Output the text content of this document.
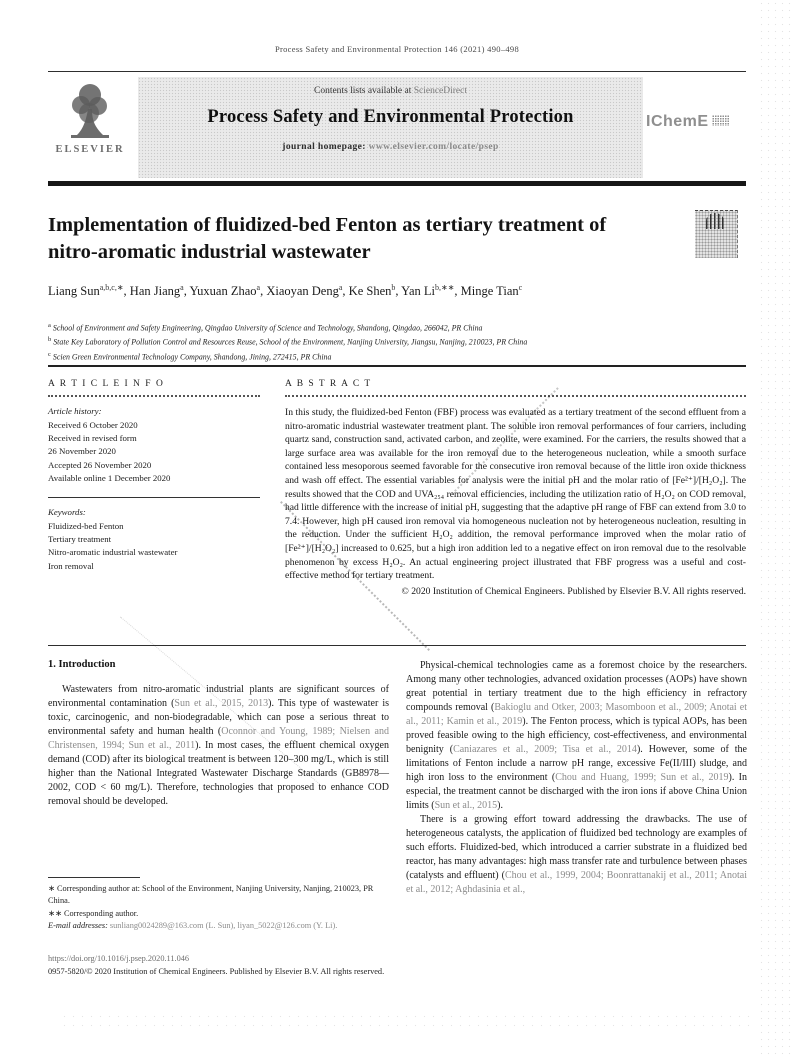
Process Safety and Environmental Protection 146 (2021) 490–498
ELSEVIER
Contents lists available at ScienceDirect
Process Safety and Environmental Protection
journal homepage: www.elsevier.com/locate/psep
IChemE
Implementation of fluidized-bed Fenton as tertiary treatment of nitro-aromatic industrial wastewater
Liang Sun$^{a,b,c,∗}$, Han Jiang$^a$, Yuxuan Zhao$^a$, Xiaoyan Deng$^a$, Ke Shen$^b$, Yan $Li^{b,∗∗}$, Minge Tian$^c$
$^a$ School of Environment and Safety Engineering, Qingdao University of Science and Technology, Shandong, Qingdao, 266042, PR China
$^b$ State Key Laboratory of Pollution Control and Resources Reuse, School of the Environment, Nanjing University, Jiangsu, Nanjing, 210023, PR China
$^c$ Scien Green Environmental Technology Company, Shandong, Jining, 272415, PR China
A R T I C L E I N F O
Article history:
Received 6 October 2020
Received in revised form
26 November 2020
Accepted 26 November 2020
Available online 1 December 2020
Keywords:
Fluidized-bed Fenton
Tertiary treatment
Nitro-aromatic industrial wastewater
Iron removal
A B S T R A C T
In this study, the fluidized-bed Fenton (FBF) process was evaluated as a tertiary treatment of the second effluent from a nitro-aromatic industrial wastewater treatment plant. The soluble iron removal performances of four carriers, including quartz sand, construction sand, activated carbon, and zeolite, were examined. For the carriers, the results showed that a large surface area was available for the iron removal due to the heterogeneous nucleation, while a smooth surface contained less mesoporous seemed favorable for the consecutive iron removal because of the little iron oxide thickness and wash off effect. The essential variables for analysis were the initial pH and the molar ratio of [Fe²⁺]/[H₂O₂]. The results showed that the COD and UVA₂₅₄ removal efficiencies, including the utilization ratio of H₂O₂ on COD removal, had little difference with the increase of initial pH, suggesting that the adaptive pH range of FBF can extend from 3.0 to 7.4. However, high pH caused iron removal via homogeneous nucleation not by heterogeneous nucleation, resulting in the reduction. Under the sufficient H₂O₂ addition, the removal performance improved when the molar ratio of [Fe²⁺]/[H₂O₂] increased to 0.625, but a high iron addition led to a negative effect on iron removal due to the resolvable phenomenon by excess H₂O₂. An actual engineering project illustrated that FBF progress was a useful and cost-effective method for tertiary treatment.
© 2020 Institution of Chemical Engineers. Published by Elsevier B.V. All rights reserved.
1. Introduction

Wastewaters from nitro-aromatic industrial plants are significant sources of environmental contamination (Sun et al., 2015, 2013). This type of wastewater is toxic, carcinogenic, and non-biodegradable, which can pose a serious threat to environmental safety and human health (Oconnor and Young, 1989; Nielsen and Christensen, 1994; Sun et al., 2011). In most cases, the effluent chemical oxygen demand (COD) after its biological treatment is between 120–300 mg/L, which is still higher than the National Integrated Wastewater Discharge Standards (GB8978—2002, COD < 60 mg/L). Therefore, technologies that proposed to enhance COD removal should be developed.

Physical-chemical technologies came as a foremost choice by the researchers. Among many other technologies, advanced oxidation processes (AOPs) have shown great potential in tertiary treatment due to the high efficiency in refractory compounds removal (Bakioglu and Otker, 2003; Masomboon et al., 2009; Anotai et al., 2011; Kamin et al., 2019). The Fenton process, which is typical AOPs, has been proved feasible owing to the high efficiency, cost-effectiveness, and environmental benignity (Caniazares et al., 2009; Tisa et al., 2014). However, some of the limitations of Fenton include a narrow pH range, excessive Fe(II/III) sludge, and high iron loss to the environment (Chou and Huang, 1999; Sun et al., 2019). In especial, the treatment cannot be discharged with the iron ions if above China Union limits (Sun et al., 2015).

There is a growing effort toward addressing the drawbacks. The use of heterogeneous catalysts, the application of fluidized bed technology are examples of such efforts. Fluidized-bed, which introduced a carrier substrate in a fluidized bed reactor, has many advantages: high mass transfer rate and turbulence between phases (catalysts and effluent) (Chou et al., 1999, 2004; Boonrattanakij et al., 2011; Anotai et al., 2012; Aghdasinia et al.,

∗ Corresponding author at: School of the Environment, Nanjing University, Nanjing, 210023, PR China.
∗∗ Corresponding author.
E-mail addresses: sunliang0024289@163.com (L. Sun), liyan_5022@126.com (Y. Li).
https://doi.org/10.1016/j.psep.2020.11.046
0957-5820/© 2020 Institution of Chemical Engineers. Published by Elsevier B.V. All rights reserved.
